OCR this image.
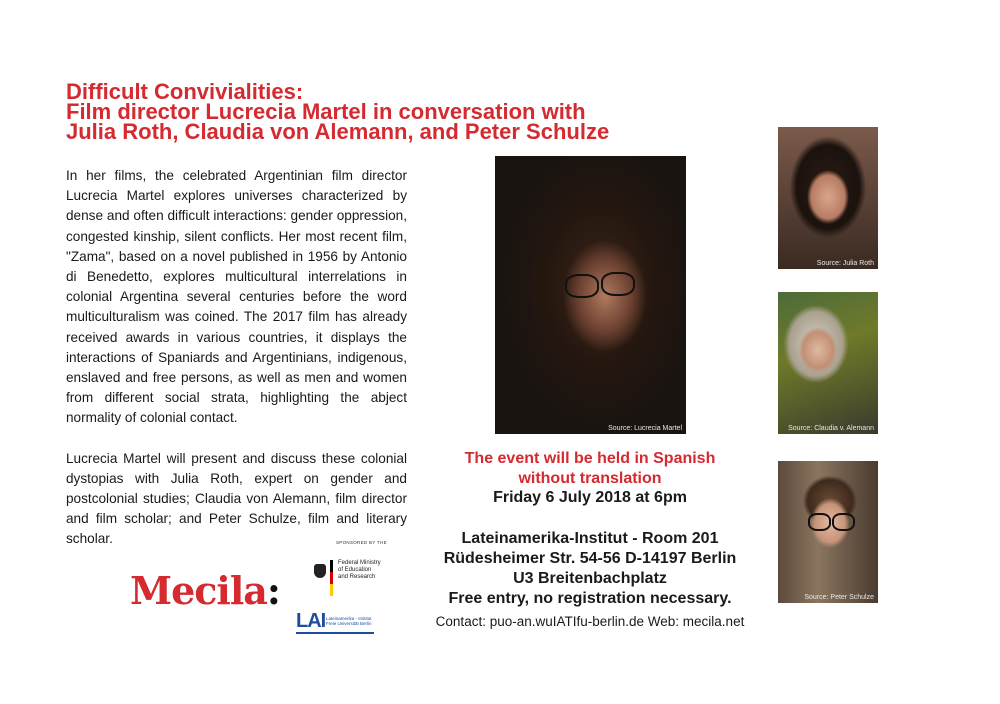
Difficult Convivialities:
Film director Lucrecia Martel in conversation with
Julia Roth, Claudia von Alemann, and Peter Schulze

In her films, the celebrated Argentinian film director Lucrecia Martel explores universes characterized by dense and often difficult interactions: gender oppression, congested kinship, silent conflicts. Her most recent film, "Zama", based on a novel published in 1956 by Antonio di Benedetto, explores multicultural interrelations in colonial Argentina several centuries before the word multiculturalism was coined. The 2017 film has already received awards in various countries, it displays the interactions of Spaniards and Argentinians, indigenous, enslaved and free persons, as well as men and women from different social strata, highlighting the abject normality of colonial contact.

Lucrecia Martel will present and discuss these colonial dystopias with Julia Roth, expert on gender and postcolonial studies; Claudia von Alemann, film director and film scholar; and Peter Schulze, film and literary scholar.

Source: Lucrecia Martel
Source: Julia Roth
Source: Claudia v. Alemann
Source: Peter Schulze
The event will be held in Spanish
without translation
Friday 6 July 2018 at 6pm
Lateinamerika-Institut - Room 201
Rüdesheimer Str. 54-56 D-14197 Berlin
U3 Breitenbachplatz
Free entry, no registration necessary.
Contact: puo-an.wuIATIfu-berlin.de Web: mecila.net
Mecila:
SPONSORED BY THE
Federal Ministry
of Education
and Research
LAI Lateinamerika - Institut
Freie Universität Berlin
